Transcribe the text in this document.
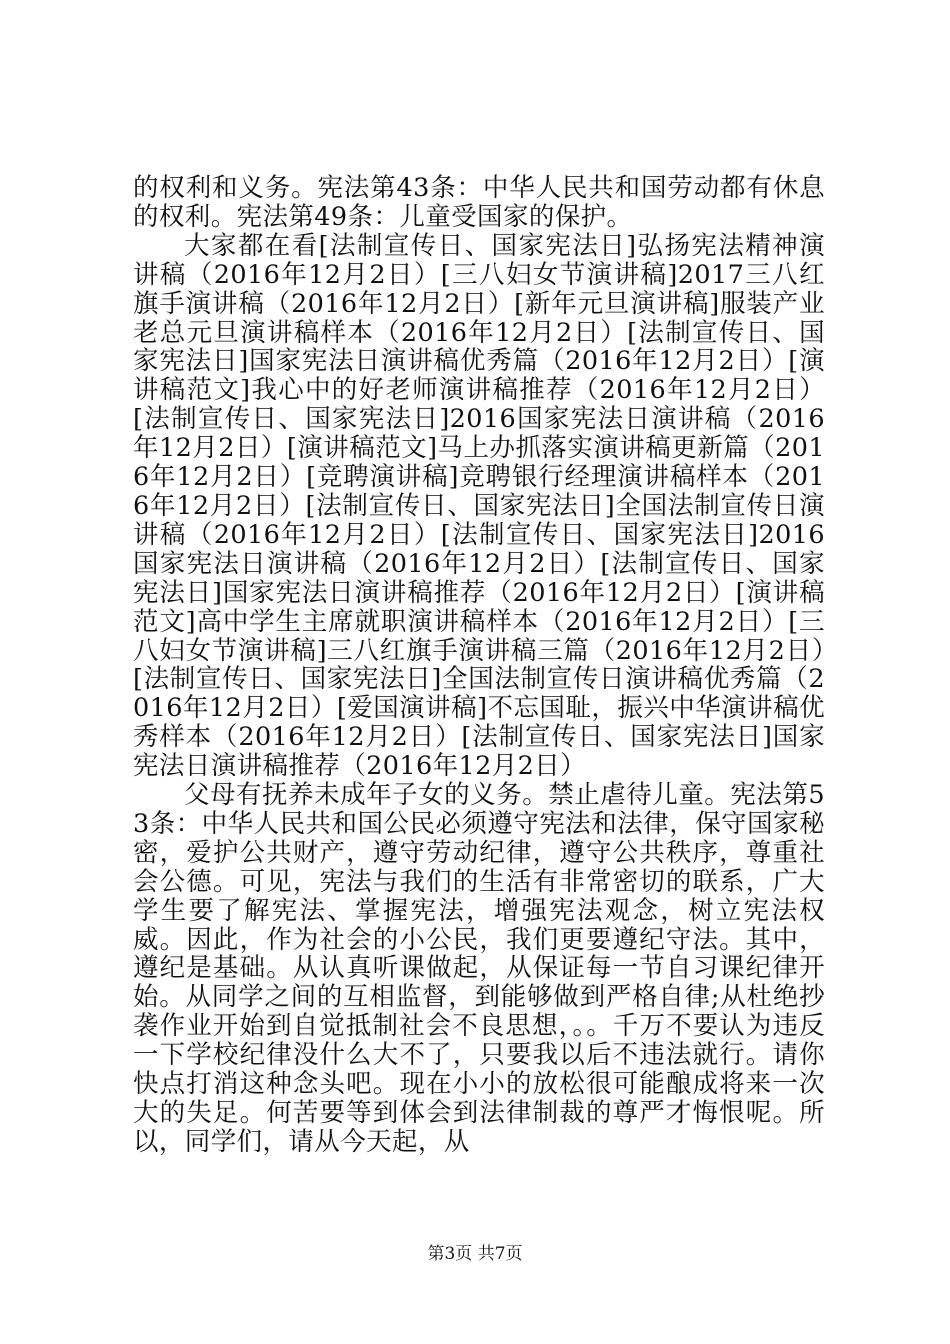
的权利和义务。宪法第43条：中华人民共和国劳动都有休息的权利。宪法第49条：儿童受国家的保护。

大家都在看[法制宣传日、国家宪法日]弘扬宪法精神演讲稿（2016年12月2日）[三八妇女节演讲稿]2017三八红旗手演讲稿（2016年12月2日）[新年元旦演讲稿]服装产业老总元旦演讲稿样本（2016年12月2日）[法制宣传日、国家宪法日]国家宪法日演讲稿优秀篇（2016年12月2日）[演讲稿范文]我心中的好老师演讲稿推荐（2016年12月2日）[法制宣传日、国家宪法日]2016国家宪法日演讲稿（2016年12月2日）[演讲稿范文]马上办抓落实演讲稿更新篇（2016年12月2日）[竞聘演讲稿]竞聘银行经理演讲稿样本（2016年12月2日）[法制宣传日、国家宪法日]全国法制宣传日演讲稿（2016年12月2日）[法制宣传日、国家宪法日]2016国家宪法日演讲稿（2016年12月2日）[法制宣传日、国家宪法日]国家宪法日演讲稿推荐（2016年12月2日）[演讲稿范文]高中学生主席就职演讲稿样本（2016年12月2日）[三八妇女节演讲稿]三八红旗手演讲稿三篇（2016年12月2日）[法制宣传日、国家宪法日]全国法制宣传日演讲稿优秀篇（2016年12月2日）[爱国演讲稿]不忘国耻，振兴中华演讲稿优秀样本（2016年12月2日）[法制宣传日、国家宪法日]国家宪法日演讲稿推荐（2016年12月2日）

父母有抚养未成年子女的义务。禁止虐待儿童。宪法第53条：中华人民共和国公民必须遵守宪法和法律，保守国家秘密，爱护公共财产，遵守劳动纪律，遵守公共秩序，尊重社会公德。可见，宪法与我们的生活有非常密切的联系，广大学生要了解宪法、掌握宪法，增强宪法观念，树立宪法权威。因此，作为社会的小公民，我们更要遵纪守法。其中，遵纪是基础。从认真听课做起，从保证每一节自习课纪律开始。从同学之间的互相监督，到能够做到严格自律;从杜绝抄袭作业开始到自觉抵制社会不良思想，。。千万不要认为违反一下学校纪律没什么大不了，只要我以后不违法就行。请你快点打消这种念头吧。现在小小的放松很可能酿成将来一次大的失足。何苦要等到体会到法律制裁的尊严才悔恨呢。所以，同学们，请从今天起，从

第3页 共7页
